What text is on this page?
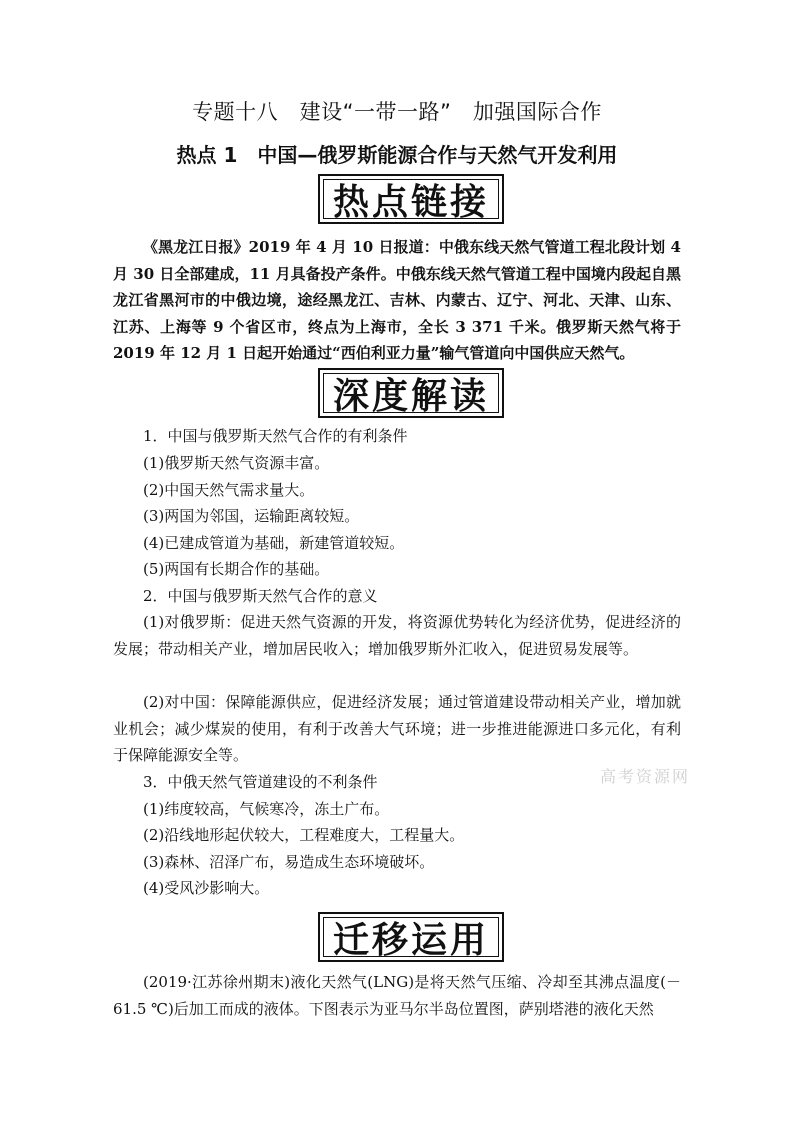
专题十八　建设“一带一路”　加强国际合作
热点 1　中国—俄罗斯能源合作与天然气开发利用
热点链接

《黑龙江日报》2019 年 4 月 10 日报道：中俄东线天然气管道工程北段计划 4 月 30 日全部建成，11 月具备投产条件。中俄东线天然气管道工程中国境内段起自黑龙江省黑河市的中俄边境，途经黑龙江、吉林、内蒙古、辽宁、河北、天津、山东、江苏、上海等 9 个省区市，终点为上海市，全长 3 371 千米。俄罗斯天然气将于 2019 年 12 月 1 日起开始通过“西伯利亚力量”输气管道向中国供应天然气。

深度解读

1．中国与俄罗斯天然气合作的有利条件

(1)俄罗斯天然气资源丰富。

(2)中国天然气需求量大。

(3)两国为邻国，运输距离较短。

(4)已建成管道为基础，新建管道较短。

(5)两国有长期合作的基础。

2．中国与俄罗斯天然气合作的意义

(1)对俄罗斯：促进天然气资源的开发，将资源优势转化为经济优势，促进经济的发展；带动相关产业，增加居民收入；增加俄罗斯外汇收入，促进贸易发展等。

(2)对中国：保障能源供应，促进经济发展；通过管道建设带动相关产业，增加就业机会；减少煤炭的使用，有利于改善大气环境；进一步推进能源进口多元化，有利于保障能源安全等。

3．中俄天然气管道建设的不利条件

(1)纬度较高，气候寒冷，冻土广布。

(2)沿线地形起伏较大，工程难度大，工程量大。

(3)森林、沼泽广布，易造成生态环境破坏。

(4)受风沙影响大。

迁移运用

(2019·江苏徐州期末)液化天然气(LNG)是将天然气压缩、冷却至其沸点温度(－61.5 ℃)后加工而成的液体。下图表示为亚马尔半岛位置图，萨别塔港的液化天然

高考资源网
